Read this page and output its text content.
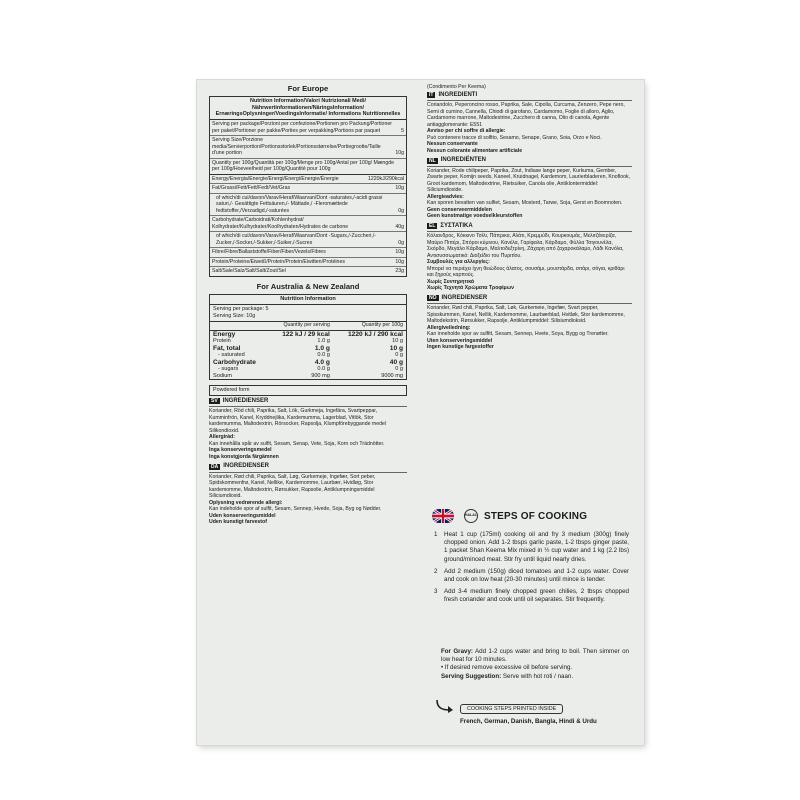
For Europe
Nutrition Information/Valori Nutrizionali Medi/ Nährwertinformationen/NäringsInformation/ ErnæringsOplysninger/VoedingsInformatie/ Informations Nutritionnelles
Serving per package/Porzioni per confezione/Portionen pro Packung/Portioner per paket/Portioner per pakke/Porties per verpakking/Portions par paquet	5
Serving Size/Porzione media/Servierportion/Portionsstorlek/Portionsstørrelse/Portiegrootte/Taille d'une portion	10g
Quantity per 100g/Quantità per 100g/Menge pro 100g/Antal per 100g/ Mængde per 100g/Hoeveelheid per 100g/Quantité pour 100g
Energy/Energia/Energie/Energi/Energi/Energie/Énergie	1220kJ/290kcal
Fat/Grassi/Fett/Fett/Fedt/Vet/Gras	10g
of which/di cui/davon/Varav/Heraf/Waarvan/Dont -saturates,/-acidi grassi saturi,/- Gesättigte Fettsäuren,/- Mättade,/ -Fleromættede fedtstoffer,/Verzadigd,/-saturées	0g
Carbohydrate/Carboidrati/Kohlenhydrat/ Kolhydrater/Kulhydrater/Koolhydraten/Hydrates de carbone	40g
of which/di cui/davon/Varav/Heraf/Waarvan/Dont -Sugars,/-Zuccheri,/-Zucker,/-Socker,/-Sukker,/-Suiker,/-Sucres	0g
Fibre/Fibre/Ballaststoffe/Fiber/Fiber/Vezels/Fibres	10g
Protein/Proteine/Eiweiß/Protein/Protein/Eiwitten/Protéines	10g
Salt/Sale/Salz/Salt/Salt/Zout/Sel	23g
For Australia & New Zealand
Nutrition Information
Serving per package: 5
Serving Size: 10g
	Quantity per serving	Quantity per 100g
Energy	122 kJ / 29 kcal	1220 kJ / 290 kcal
Protein	1.0 g	10 g
Fat, total	1.0 g	10 g
- saturated	0.0 g	0 g
Carbohydrate	4.0 g	40 g
- sugars	0.0 g	0 g
Sodium	900 mg	9000 mg
Powdered form
SV INGREDIENSER
Koriander, Röd chili, Paprika, Salt, Lök, Gurkmeja, Ingefära, Svartpeppar, Kumminfrön, Kanel, Kryddnejlika, Kardemumma, Lagerblad, Vitlök, Stor kardemumma, Maltodextrin, Rörsocker, Rapsolja, Klumpförebyggande medel Silikondioxid.
Allergirád:
Kan innehålla spår av sulfit, Sesam, Senap, Vete, Soja, Korn och Trädnötter.
Inga konserveringsmedel
Inga konstgjorda färgämnen
DA INGREDIENSER
Koriander, Rød chili, Paprika, Salt, Løg, Gurkemeje, Ingefær, Sort peber, Spidskommenfrø, Kanel, Nellike, Kardemomme, Laurbær, Hvidløg, Stor kardemomme, Maltodextrin, Rørsukker, Rapsolie, Antiklumpningsmiddel Siliciumdioxid.
Oplysning vedrørende allergi:
Kan indeholde spor af sulfit, Sesam, Sennep, Hvede, Soja, Byg og Nødder.
Uden konserveringsmiddel
Uden kunstigt farvestof
(Condimento Per Keema)
IT INGREDIENTI
Coriandolo, Peperoncino rosso, Paprika, Sale, Cipolla, Curcuma, Zenzero, Pepe nero, Semi di cumino, Cannella, Chiodi di garofano, Cardamomo, Foglie di alloro, Aglio, Cardamomo marrone, Maltodestrine, Zucchero di canna, Olio di canola, Agente antiagglomerante: E551
Avviso per chi soffre di allergie:
Può contenere tracce di solfito, Sesamo, Senape, Grano, Soia, Orzo e Noci.
Nessun conservante
Nessun colorante alimentare artificiale
NL INGREDIËNTEN
Koriander, Rode chilipeper, Paprika, Zout, Indiase lange peper, Kurkuma, Gember, Zwarte peper, Komijn seeds, Kaneel, Kruidnagel, Kardemom, Laurierbladeren, Knoflook, Groot kardemom, Maltodextrine, Rietsuiker, Canola olie, Antiklontermiddel: Siliciumdioxide.
Allergieadvies:
Kan sporen bevatten van sulfiet, Sesam, Mosterd, Tarwe, Soja, Gerst en Boomnoten.
Geen conserveermiddelen
Geen kunstmatige voedselkleurstoffen
EL ΣΥΣΤΑΤΙΚΑ
Κόλιανδρος, Κόκκινο Τσίλι, Πάπρικα, Αλάτι, Κρεμμύδι, Κουρκουμάς, Μελιτζάνερίζα, Μαύρο Πιπέρι, Σπόροι κύμινου, Κανέλα, Γαρίφαλα, Κάρδαμο, Φύλλα Τσιγουνέλα, Σκόρδο, Μεγάλο Κάρδαμο, Μαλτοδεξτρίνη, Ζάχαρη από ζαχαροκάλαμο, Λάδι Κανόλα, Αντισυσσωματικό: Διοξείδιο του Πυριτίου.
Συμβουλές για αλλεργίες:
Μπορεί να περιέχει ίχνη θειώδους άλατος, σουσάμι, μουστάρδα, σιτάρι, σόγια, κριθάρι και ξηρούς καρπούς.
Χωρίς Συντηρητικά
Χωρίς Τεχνητά Χρώματα Τροφίμων
NO INGREDIENSER
Koriander, Rød chili, Paprika, Salt, Løk, Gurkemeie, Ingefær, Svart pepper, Spisskummen, Kanel, Nellik, Kardemomme, Laurbærblad, Hvitløk, Stor kardemomme, Maltodekstrin, Rørsukker, Rapsolje, Antiklumpmiddel: Silisiumdioksid.
Allergiveiledning:
Kan inneholde spor av sulfitt, Sesam, Sennep, Hvete, Soya, Bygg og Trenøtter.
Uten konserveringsmiddel
Ingen kunstige fargestoffer
HALAL STEPS OF COOKING
1	Heat 1 cup (175ml) cooking oil and fry 3 medium (300g) finely chopped onion. Add 1-2 tbsps garlic paste, 1-2 tbsps ginger paste, 1 packet Shan Keema Mix mixed in ½ cup water and 1 kg (2.2 lbs) ground/minced meat. Stir fry until liquid nearly dries.
2	Add 2 medium (150g) diced tomatoes and 1-2 cups water. Cover and cook on low heat (20-30 minutes) until mince is tender.
3	Add 3-4 medium finely chopped green chilies, 2 tbsps chopped fresh coriander and cook until oil separates. Stir frequently.
For Gravy: Add 1-2 cups water and bring to boil. Then simmer on low heat for 10 minutes.
• If desired remove excessive oil before serving.
Serving Suggestion: Serve with hot roti / naan.
COOKING STEPS PRINTED INSIDE
French, German, Danish, Bangla, Hindi & Urdu
